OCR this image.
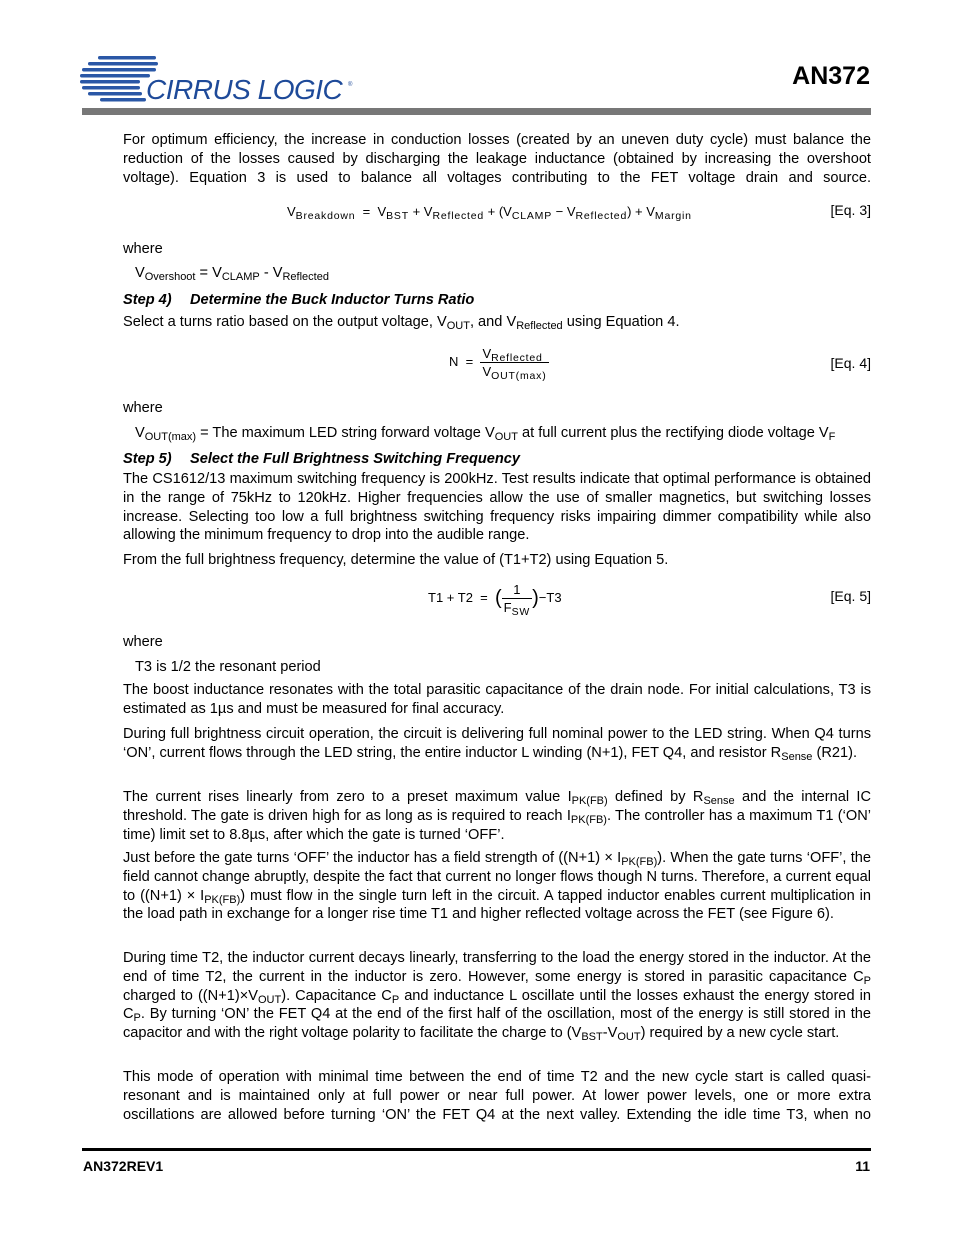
CIRRUS LOGIC ®	AN372
For optimum efficiency, the increase in conduction losses (created by an uneven duty cycle) must balance the reduction of the losses caused by discharging the leakage inductance (obtained by increasing the overshoot voltage). Equation 3 is used to balance all voltages contributing to the FET voltage drain and source.
$V_{Breakdown} = V_{BST} + V_{Reflected} + (V_{CLAMP} - V_{Reflected}) + V_{Margin}$	[Eq. 3]
where
$V_{Overshoot} = V_{CLAMP} - V_{Reflected}$
Step 4) Determine the Buck Inductor Turns Ratio
Select a turns ratio based on the output voltage, $V_{OUT}$, and $V_{Reflected}$ using Equation 4.
$N = \frac{V_{Reflected}}{V_{OUT(max)}}$	[Eq. 4]
where
$V_{OUT(max)}$ = The maximum LED string forward voltage $V_{OUT}$ at full current plus the rectifying diode voltage $V_F$
Step 5) Select the Full Brightness Switching Frequency
The CS1612/13 maximum switching frequency is 200kHz. Test results indicate that optimal performance is obtained in the range of 75kHz to 120kHz. Higher frequencies allow the use of smaller magnetics, but switching losses increase. Selecting too low a full brightness switching frequency risks impairing dimmer compatibility while also allowing the minimum frequency to drop into the audible range.
From the full brightness frequency, determine the value of (T1+T2) using Equation 5.
T1 + T2  =  ( $\frac{1}{F_{SW}} )-T3$	[Eq. 5]
where
T3 is 1/2 the resonant period
The boost inductance resonates with the total parasitic capacitance of the drain node. For initial calculations, T3 is estimated as 1µs and must be measured for final accuracy.
During full brightness circuit operation, the circuit is delivering full nominal power to the LED string. When Q4 turns ‘ON’, current flows through the LED string, the entire inductor L winding (N+1), FET Q4, and resistor $R_{Sense}$ (R21).
The current rises linearly from zero to a preset maximum value $I_{PK(FB)}$ defined by $R_{Sense}$ and the internal IC threshold. The gate is driven high for as long as is required to reach $I_{PK(FB)}$. The controller has a maximum T1 (‘ON’ time) limit set to 8.8µs, after which the gate is turned ‘OFF’.
Just before the gate turns ‘OFF’ the inductor has a field strength of $((N+1) \times I_{PK(FB)})$. When the gate turns ‘OFF’, the field cannot change abruptly, despite the fact that current no longer flows though N turns. Therefore, a current equal to $((N+1) \times I_{PK(FB)})$ must flow in the single turn left in the circuit. A tapped inductor enables current multiplication in the load path in exchange for a longer rise time T1 and higher reflected voltage across the FET (see Figure 6).
During time T2, the inductor current decays linearly, transferring to the load the energy stored in the inductor. At the end of time T2, the current in the inductor is zero. However, some energy is stored in parasitic capacitance $C_P$ charged to $((N+1)\times V_{OUT})$. Capacitance $C_P$ and inductance L oscillate until the losses exhaust the energy stored in $C_P$. By turning ‘ON’ the FET Q4 at the end of the first half of the oscillation, most of the energy is still stored in the capacitor and with the right voltage polarity to facilitate the charge to $(V_{BST}-V_{OUT})$ required by a new cycle start.
This mode of operation with minimal time between the end of time T2 and the new cycle start is called quasi-resonant and is maintained only at full power or near full power. At lower power levels, one or more extra oscillations are allowed before turning ‘ON’ the FET Q4 at the next valley. Extending the idle time T3, when no
AN372REV1	11
